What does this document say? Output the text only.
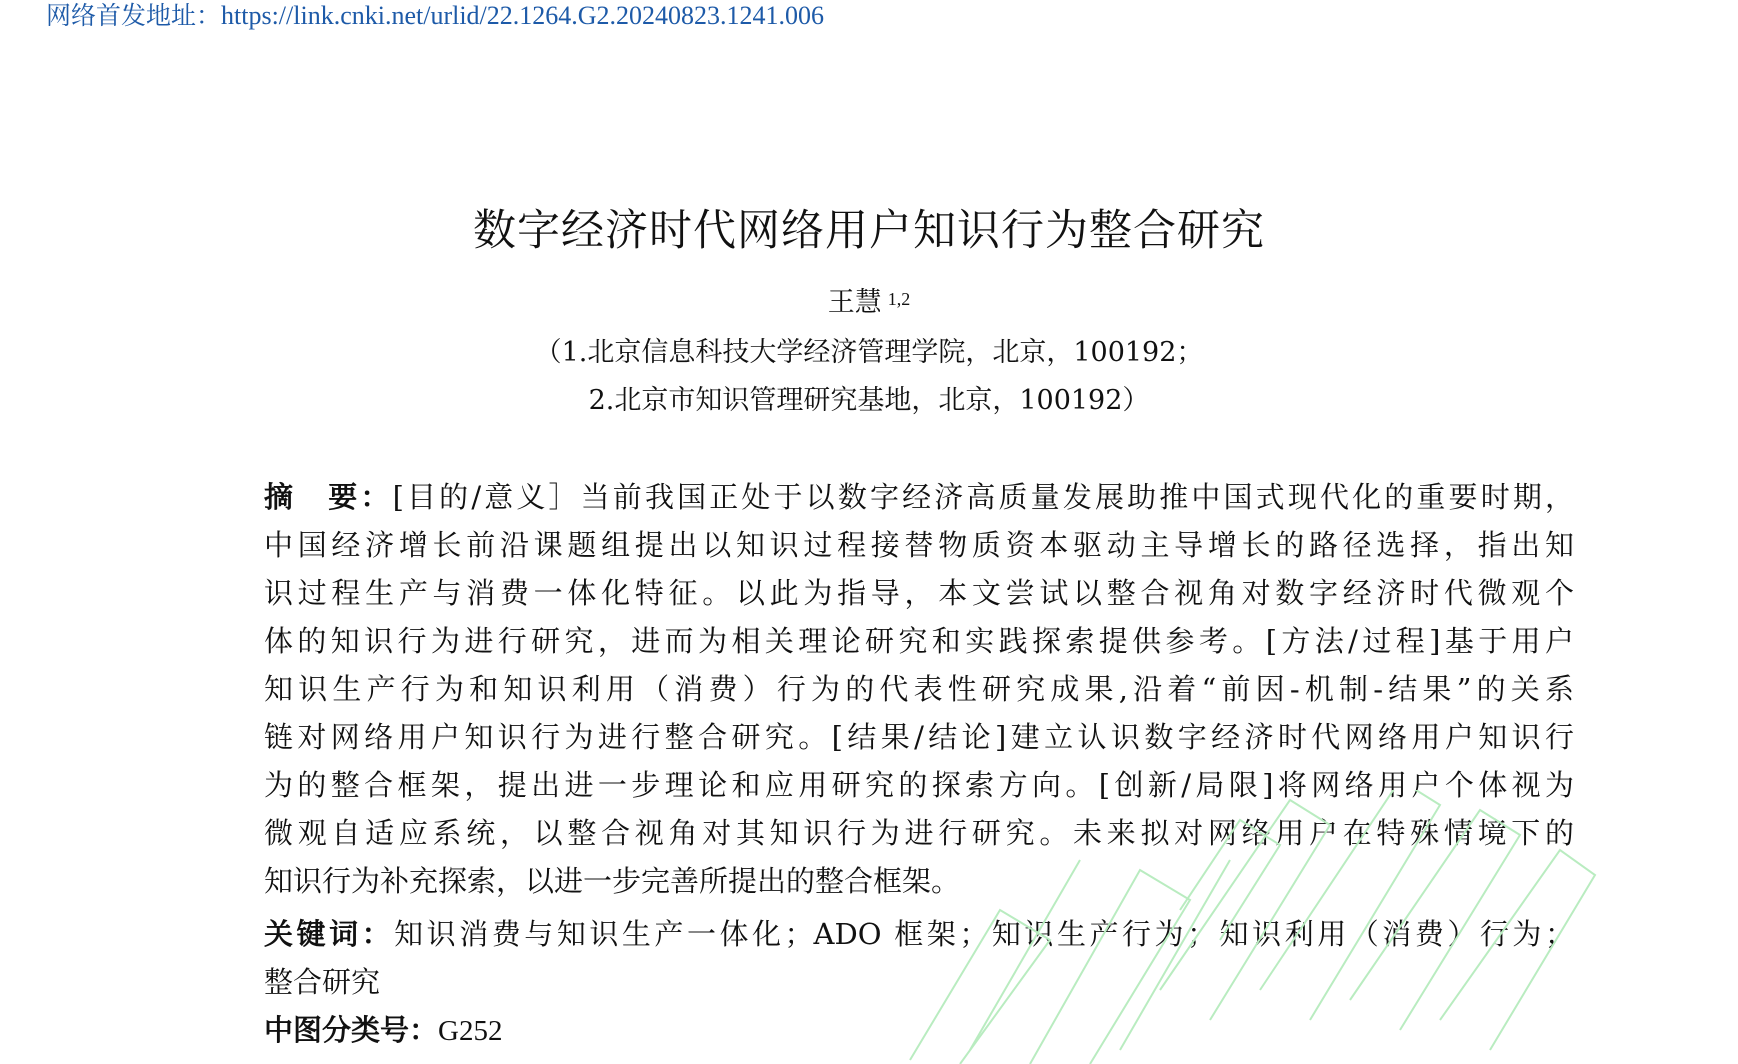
网络首发地址：https://link.cnki.net/urlid/22.1264.G2.20240823.1241.006
数字经济时代网络用户知识行为整合研究
王慧 $^{1,2}$
（1.北京信息科技大学经济管理学院，北京，100192；
2.北京市知识管理研究基地，北京，100192）
摘　要：[目的/意义］当前我国正处于以数字经济高质量发展助推中国式现代化的重要时期，
中国经济增长前沿课题组提出以知识过程接替物质资本驱动主导增长的路径选择，指出知
识过程生产与消费一体化特征。以此为指导，本文尝试以整合视角对数字经济时代微观个
体的知识行为进行研究，进而为相关理论研究和实践探索提供参考。[方法/过程]基于用户
知识生产行为和知识利用（消费）行为的代表性研究成果,沿着“前因-机制-结果”的关系
链对网络用户知识行为进行整合研究。[结果/结论]建立认识数字经济时代网络用户知识行
为的整合框架，提出进一步理论和应用研究的探索方向。[创新/局限]将网络用户个体视为
微观自适应系统，以整合视角对其知识行为进行研究。未来拟对网络用户在特殊情境下的
知识行为补充探索，以进一步完善所提出的整合框架。
关键词：知识消费与知识生产一体化；ADO 框架；知识生产行为；知识利用（消费）行为；
整合研究
中图分类号：G252
